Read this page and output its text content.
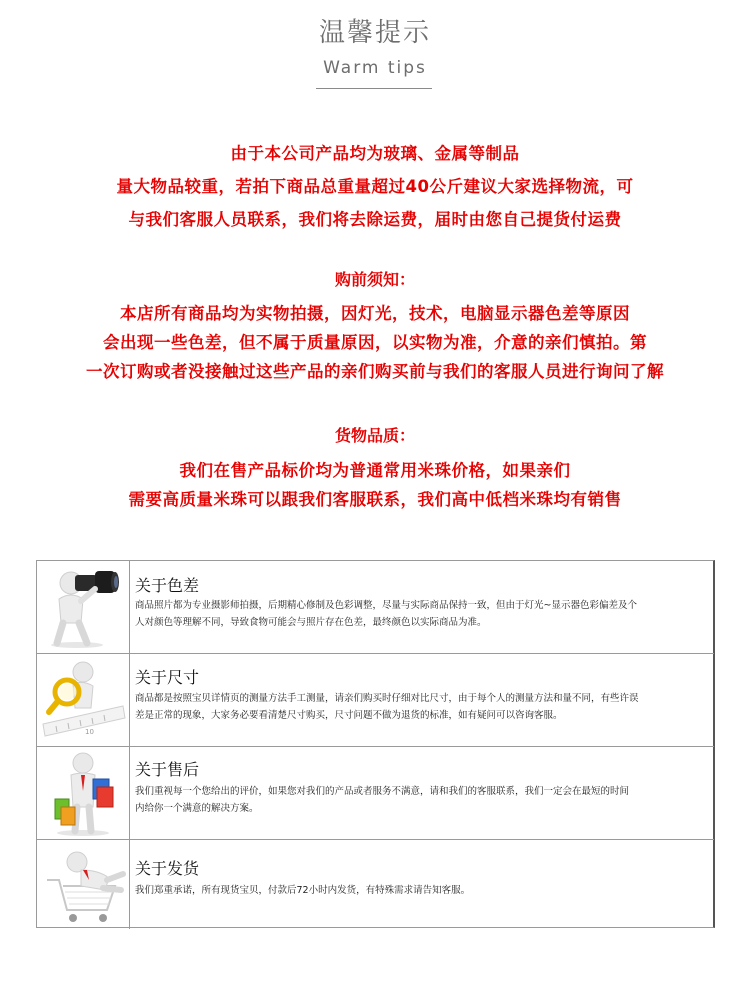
温馨提示
Warm tips
由于本公司产品均为玻璃、金属等制品
量大物品较重，若拍下商品总重量超过40公斤建议大家选择物流，可
与我们客服人员联系，我们将去除运费，届时由您自己提货付运费
购前须知：
本店所有商品均为实物拍摄，因灯光，技术，电脑显示器色差等原因
会出现一些色差，但不属于质量原因，以实物为准，介意的亲们慎拍。第
一次订购或者没接触过这些产品的亲们购买前与我们的客服人员进行询问了解
货物品质：
我们在售产品标价均为普通常用米珠价格，如果亲们
需要高质量米珠可以跟我们客服联系，我们高中低档米珠均有销售
关于色差
商品照片都为专业摄影师拍摄，后期精心修制及色彩调整，尽量与实际商品保持一致，但由于灯光~显示器色彩偏差及个
人对颜色等理解不同，导致食物可能会与照片存在色差，最终颜色以实际商品为准。
10
关于尺寸
商品都是按照宝贝详情页的测量方法手工测量，请亲们购买时仔细对比尺寸，由于每个人的测量方法和量不同，有些许误
差是正常的现象，大家务必要看清楚尺寸购买，尺寸问题不做为退货的标准，如有疑问可以咨询客服。
关于售后
我们重视每一个您给出的评价，如果您对我们的产品或者服务不满意，请和我们的客服联系，我们一定会在最短的时间
内给你一个满意的解决方案。
关于发货
我们郑重承诺，所有现货宝贝，付款后72小时内发货，有特殊需求请告知客服。
